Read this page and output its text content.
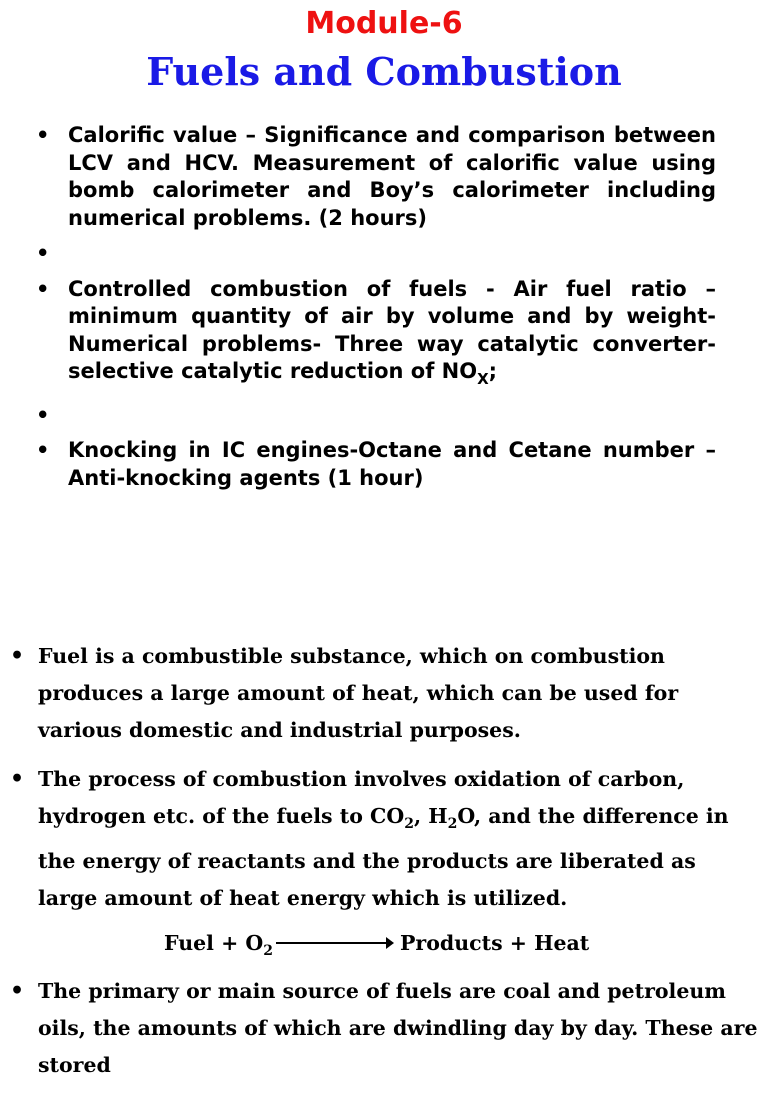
Module-6
Fuels and Combustion
• Calorific value – Significance and comparison between LCV and HCV. Measurement of calorific value using bomb calorimeter and Boy’s calorimeter including numerical problems. (2 hours)
•
• Controlled combustion of fuels - Air fuel ratio – minimum quantity of air by volume and by weight- Numerical problems- Three way catalytic converter- selective catalytic reduction of $NO_X$;
•
• Knocking in IC engines-Octane and Cetane number – Anti-knocking agents (1 hour)

• Fuel is a combustible substance, which on combustion produces a large amount of heat, which can be used for various domestic and industrial purposes.

• The process of combustion involves oxidation of carbon, hydrogen etc. of the fuels to $CO_2$, $H_2O$, and the difference in the energy of reactants and the products are liberated as large amount of heat energy which is utilized.

Fuel + $O_2$	Products + Heat

• The primary or main source of fuels are coal and petroleum oils, the amounts of which are dwindling day by day. These are stored
